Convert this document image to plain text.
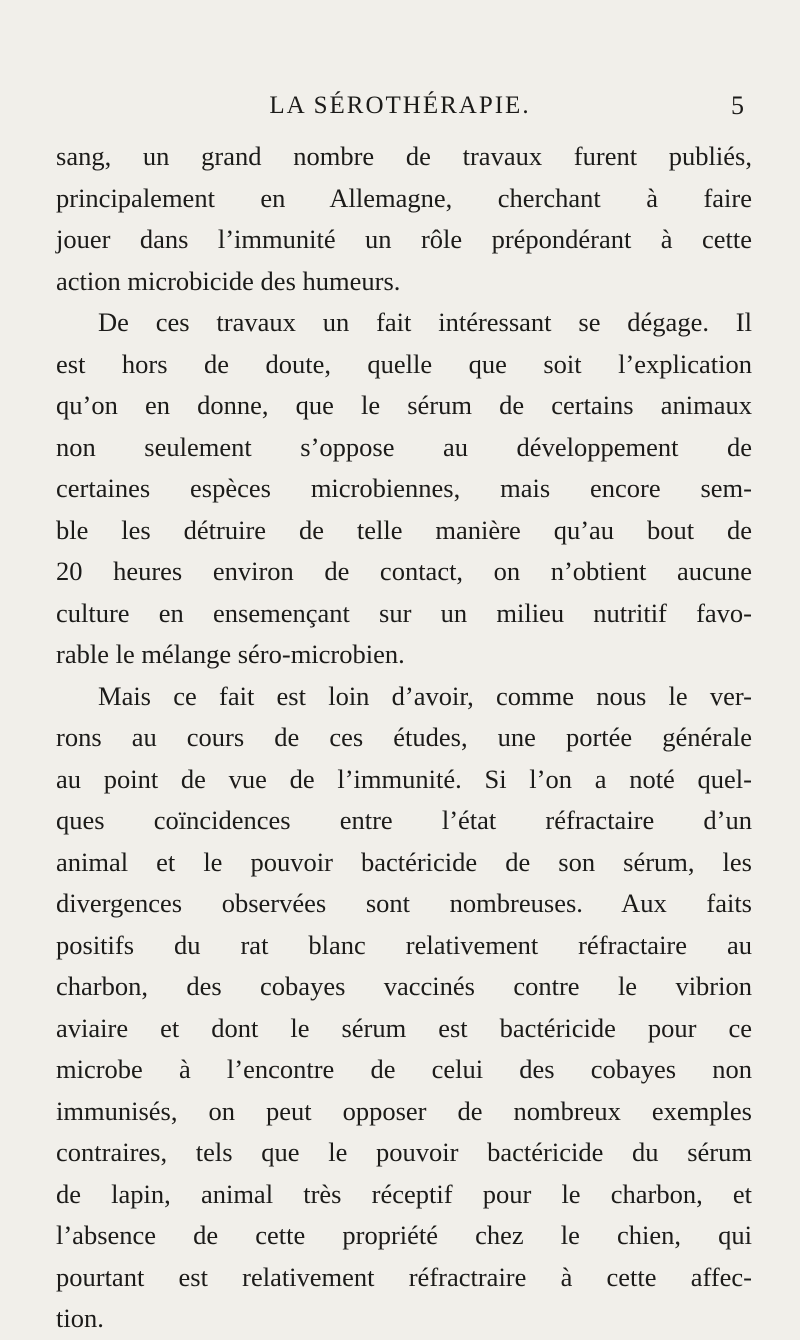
LA SÉROTHÉRAPIE.	5
sang, un grand nombre de travaux furent publiés,
principalement en Allemagne, cherchant à faire
jouer dans l’immunité un rôle prépondérant à cette
action microbicide des humeurs.
De ces travaux un fait intéressant se dégage. Il
est hors de doute, quelle que soit l’explication
qu’on en donne, que le sérum de certains animaux
non seulement s’oppose au développement de
certaines espèces microbiennes, mais encore sem-
ble les détruire de telle manière qu’au bout de
20 heures environ de contact, on n’obtient aucune
culture en ensemençant sur un milieu nutritif favo-
rable le mélange séro-microbien.
Mais ce fait est loin d’avoir, comme nous le ver-
rons au cours de ces études, une portée générale
au point de vue de l’immunité. Si l’on a noté quel-
ques coïncidences entre l’état réfractaire d’un
animal et le pouvoir bactéricide de son sérum, les
divergences observées sont nombreuses. Aux faits
positifs du rat blanc relativement réfractaire au
charbon, des cobayes vaccinés contre le vibrion
aviaire et dont le sérum est bactéricide pour ce
microbe à l’encontre de celui des cobayes non
immunisés, on peut opposer de nombreux exemples
contraires, tels que le pouvoir bactéricide du sérum
de lapin, animal très réceptif pour le charbon, et
l’absence de cette propriété chez le chien, qui
pourtant est relativement réfractraire à cette affec-
tion.
